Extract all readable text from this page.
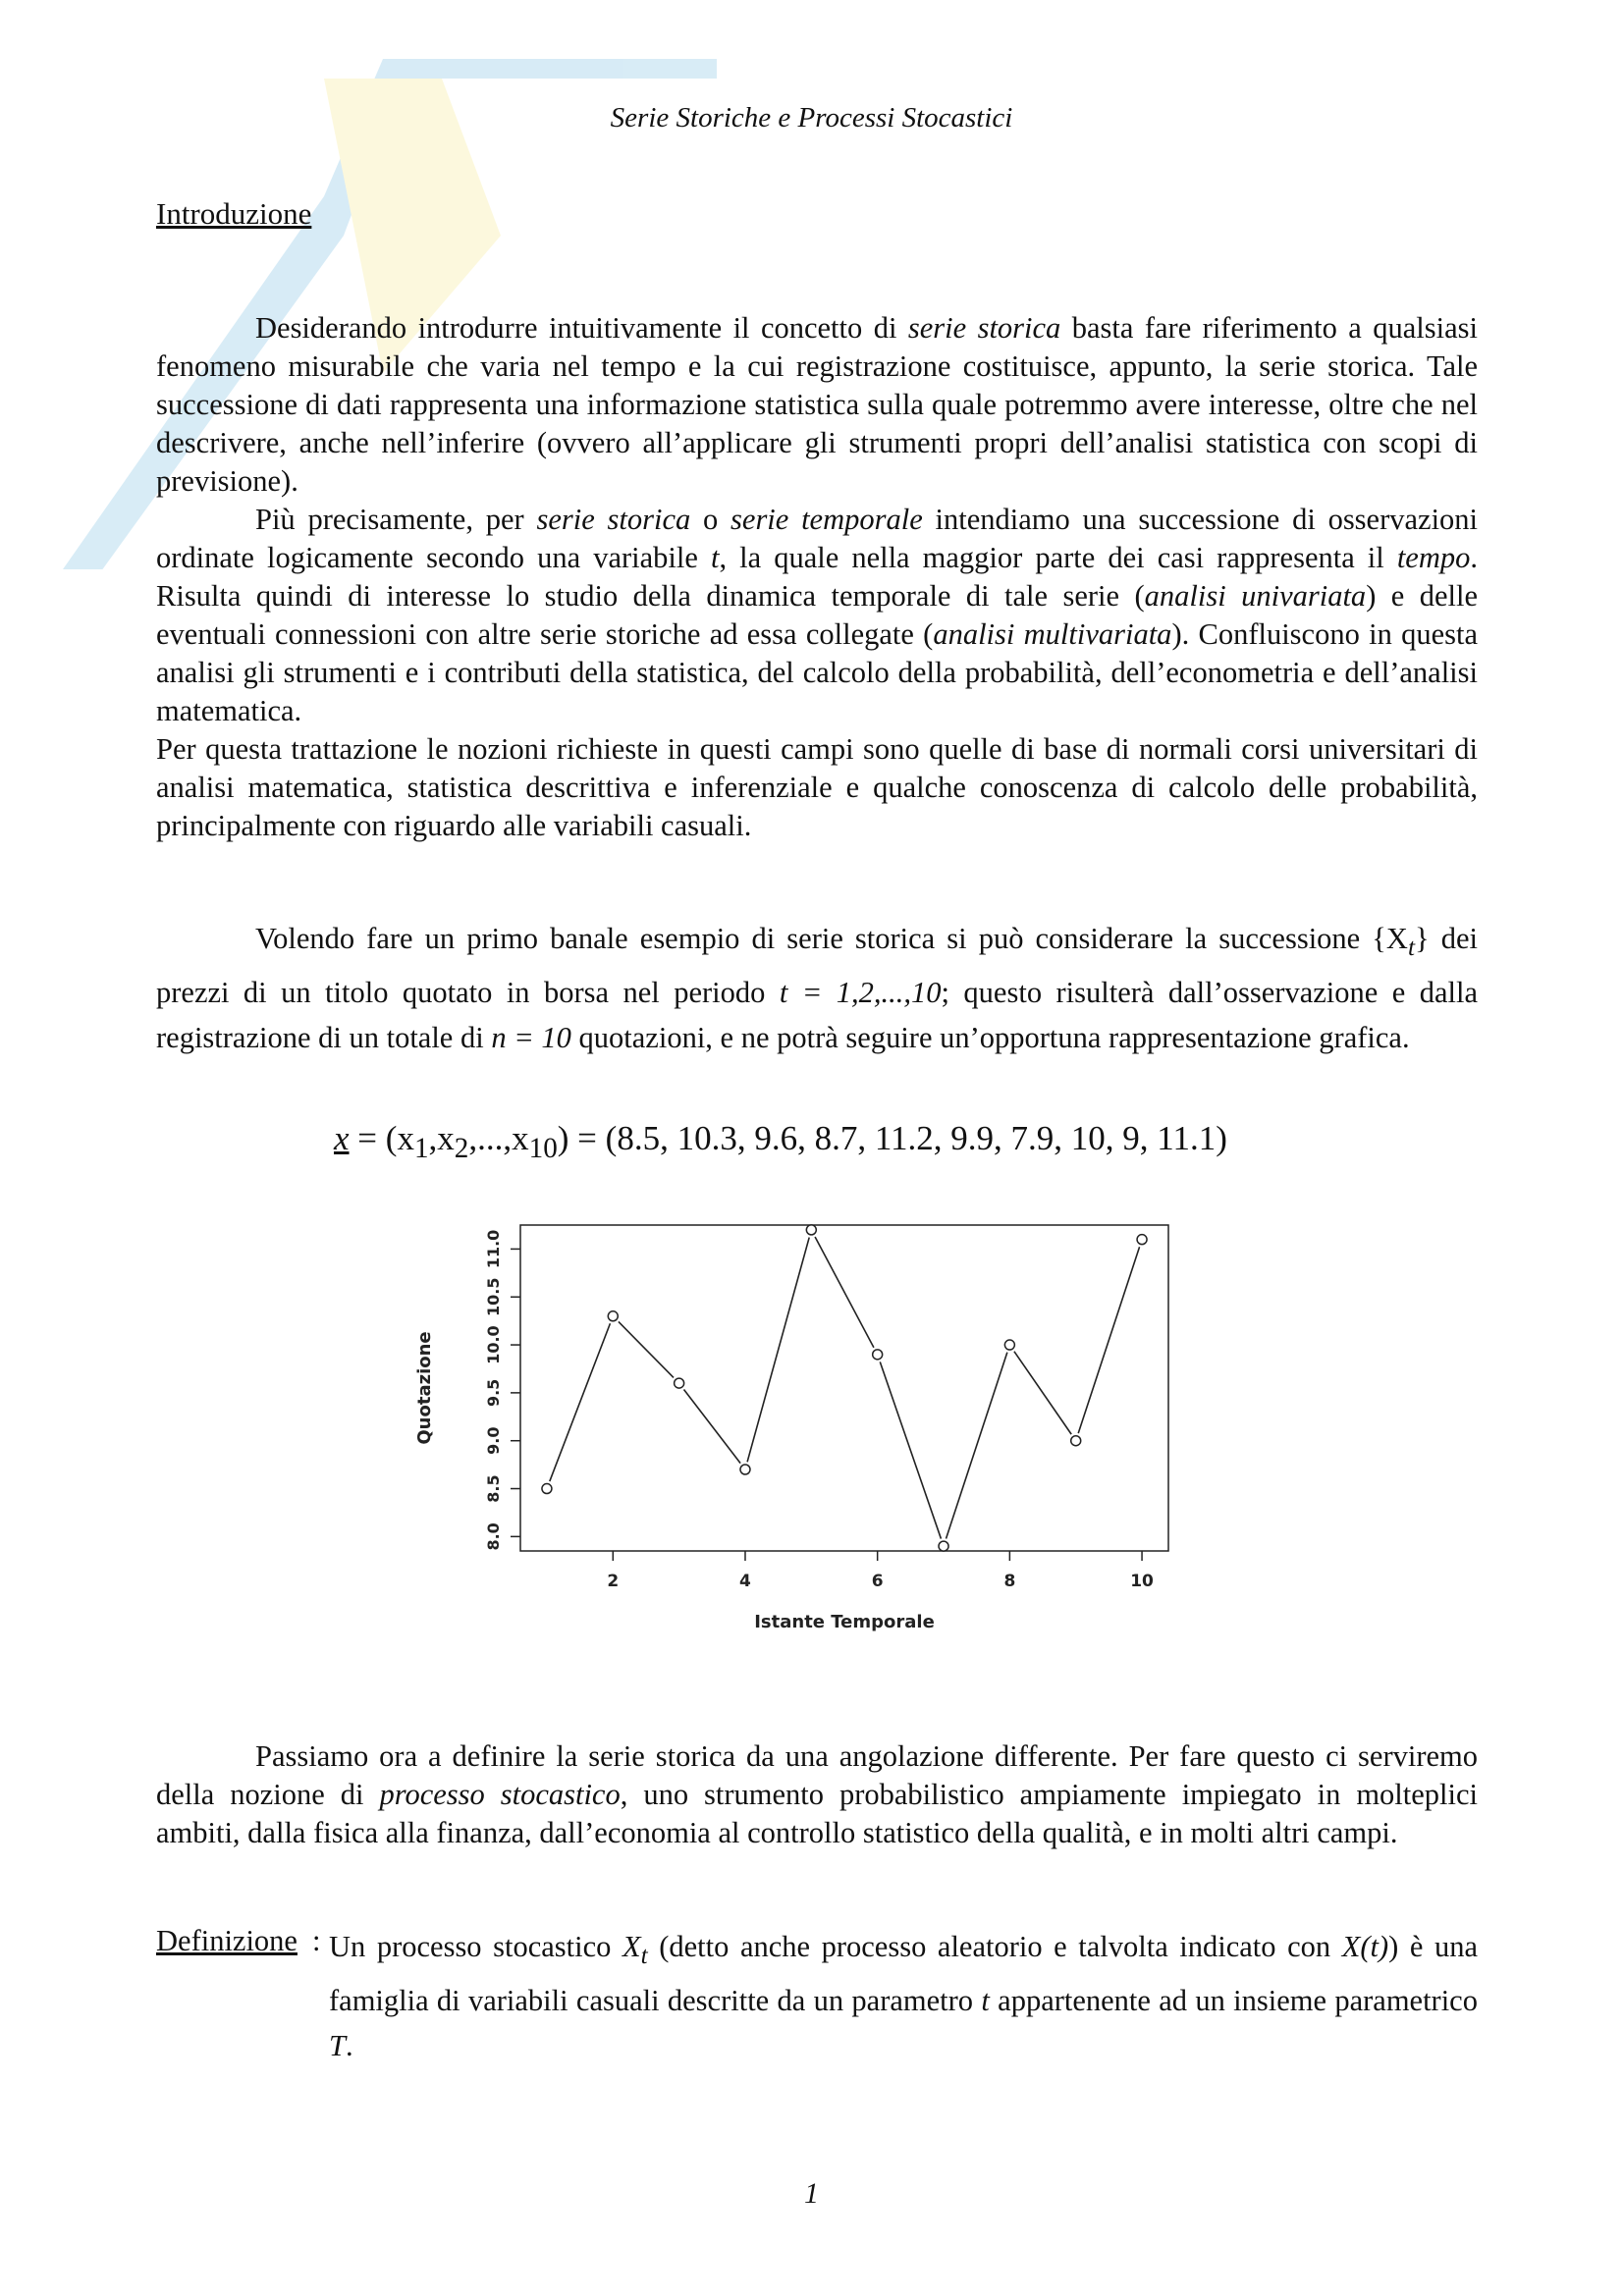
Serie Storiche e Processi Stocastici
Introduzione

Desiderando introdurre intuitivamente il concetto di serie storica basta fare riferimento a qualsiasi fenomeno misurabile che varia nel tempo e la cui registrazione costituisce, appunto, la serie storica. Tale successione di dati rappresenta una informazione statistica sulla quale potremmo avere interesse, oltre che nel descrivere, anche nell’inferire (ovvero all’applicare gli strumenti propri dell’analisi statistica con scopi di previsione).

Più precisamente, per serie storica o serie temporale intendiamo una successione di osservazioni ordinate logicamente secondo una variabile t, la quale nella maggior parte dei casi rappresenta il tempo. Risulta quindi di interesse lo studio della dinamica temporale di tale serie (analisi univariata) e delle eventuali connessioni con altre serie storiche ad essa collegate (analisi multivariata). Confluiscono in questa analisi gli strumenti e i contributi della statistica, del calcolo della probabilità, dell’econometria e dell’analisi matematica.

Per questa trattazione le nozioni richieste in questi campi sono quelle di base di normali corsi universitari di analisi matematica, statistica descrittiva e inferenziale e qualche conoscenza di calcolo delle probabilità, principalmente con riguardo alle variabili casuali.

Volendo fare un primo banale esempio di serie storica si può considerare la successione $\{X_t\}$ dei prezzi di un titolo quotato in borsa nel periodo t = 1,2,...,10; questo risulterà dall’osservazione e dalla registrazione di un totale di n = 10 quotazioni, e ne potrà seguire un’opportuna rappresentazione grafica.

$x = (x_1,x_2,...,x_{10}) = (8.5$, 10.3, 9.6, 8.7, 11.2, 9.9, 7.9, 10, 9, 11.1)
2	4	6	8	10
8.0
8.5
9.0
9.5
10.0
10.5
11.0
Istante Temporale
Quotazione

Passiamo ora a definire la serie storica da una angolazione differente. Per fare questo ci serviremo della nozione di processo stocastico, uno strumento probabilistico ampiamente impiegato in molteplici ambiti, dalla fisica alla finanza, dall’economia al controllo statistico della qualità, e in molti altri campi.

Definizione : Un processo stocastico $X_t$ (detto anche processo aleatorio e talvolta indicato con X(t)) è una famiglia di variabili casuali descritte da un parametro t appartenente ad un insieme parametrico T.
1
